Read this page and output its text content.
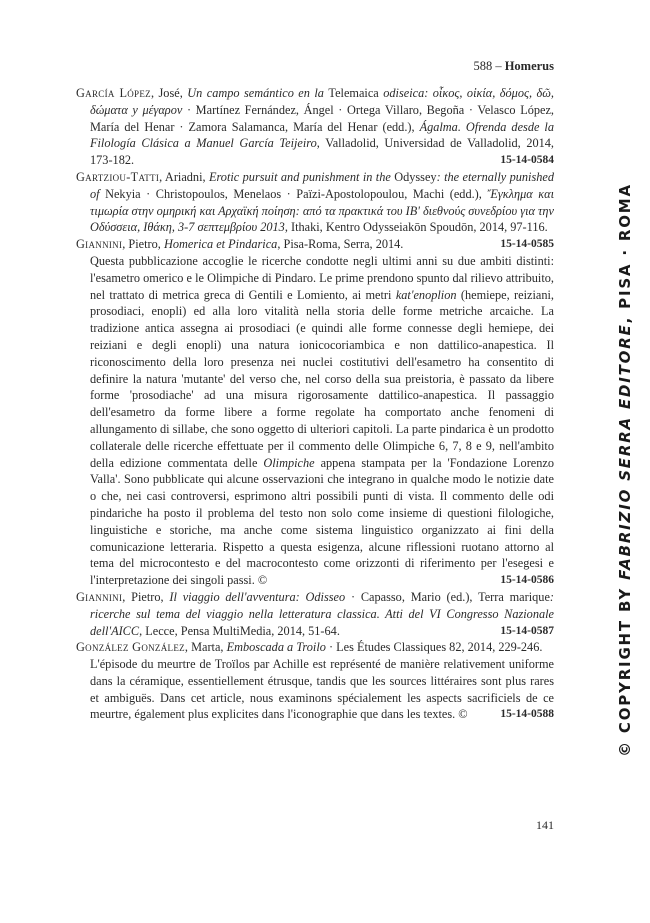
588 – Homerus
García López, José, Un campo semántico en la Telemaica odiseica: οἶκος, οἰκία, δόμος, δῶ, δώματα y μέγαρον · Martínez Fernández, Ángel · Ortega Villaro, Begoña · Velasco López, María del Henar · Zamora Salamanca, María del Henar (edd.), Ágalma. Ofrenda desde la Filología Clásica a Manuel García Teijeiro, Valladolid, Universidad de Valladolid, 2014, 173-182.	15-14-0584
Gartziou-Tatti, Ariadni, Erotic pursuit and punishment in the Odyssey: the eternally punished of Nekyia · Christopoulos, Menelaos · Païzi-Apostolopoulou, Machi (edd.), Ἔγκλημα και τιμωρία στην ομηρική και Αρχαϊκή ποίηση: από τα πρακτικά του ΙΒ' διεθνούς συνεδρίου για την Οδύσσεια, Ιθάκη, 3-7 σεπτεμβρίου 2013, Ithaki, Kentro Odysseiakōn Spoudōn, 2014, 97-116.
15-14-0585
Giannini, Pietro, Homerica et Pindarica, Pisa-Roma, Serra, 2014.
Questa pubblicazione accoglie le ricerche condotte negli ultimi anni su due ambiti distinti: l'esametro omerico e le Olimpiche di Pindaro. Le prime prendono spunto dal rilievo attribuito, nel trattato di metrica greca di Gentili e Lomiento, ai metri kat'enoplion (hemiepe, reiziani, prosodiaci, enopli) ed alla loro vitalità nella storia delle forme metriche arcaiche. La tradizione antica assegna ai prosodiaci (e quindi alle forme connesse degli hemiepe, dei reiziani e degli enopli) una natura ionicocoriambica e non dattilico-anapestica. Il riconoscimento della loro presenza nei nuclei costitutivi dell'esametro ha consentito di definire la natura 'mutante' del verso che, nel corso della sua preistoria, è passato da libere forme 'prosodiache' ad una misura rigorosamente dattilico-anapestica. Il passaggio dell'esametro da forme libere a forme regolate ha comportato anche fenomeni di allungamento di sillabe, che sono oggetto di ulteriori capitoli. La parte pindarica è un prodotto collaterale delle ricerche effettuate per il commento delle Olimpiche 6, 7, 8 e 9, nell'ambito della edizione commentata delle Olimpiche appena stampata per la 'Fondazione Lorenzo Valla'. Sono pubblicate qui alcune osservazioni che integrano in qualche modo le notizie date o che, nei casi controversi, esprimono altri possibili punti di vista. Il commento delle odi pindariche ha posto il problema del testo non solo come insieme di questioni filologiche, linguistiche e storiche, ma anche come sistema linguistico organizzato ai fini della comunicazione letteraria. Rispetto a questa esigenza, alcune riflessioni ruotano attorno al tema del microcontesto e del macrocontesto come orizzonti di riferimento per l'esegesi e l'interpretazione dei singoli passi. ©	15-14-0586
Giannini, Pietro, Il viaggio dell'avventura: Odisseo · Capasso, Mario (ed.), Terra marique: ricerche sul tema del viaggio nella letteratura classica. Atti del VI Congresso Nazionale dell'AICC, Lecce, Pensa MultiMedia, 2014, 51-64.	15-14-0587
González González, Marta, Emboscada a Troilo · Les Études Classiques 82, 2014, 229-246.
L'épisode du meurtre de Troïlos par Achille est représenté de manière relativement uniforme dans la céramique, essentiellement étrusque, tandis que les sources littéraires sont plus rares et ambiguës. Dans cet article, nous examinons spécialement les aspects sacrificiels de ce meurtre, également plus explicites dans l'iconographie que dans les textes. ©	15-14-0588
141
© COPYRIGHT BY FABRIZIO SERRA EDITORE, PISA · ROMA
